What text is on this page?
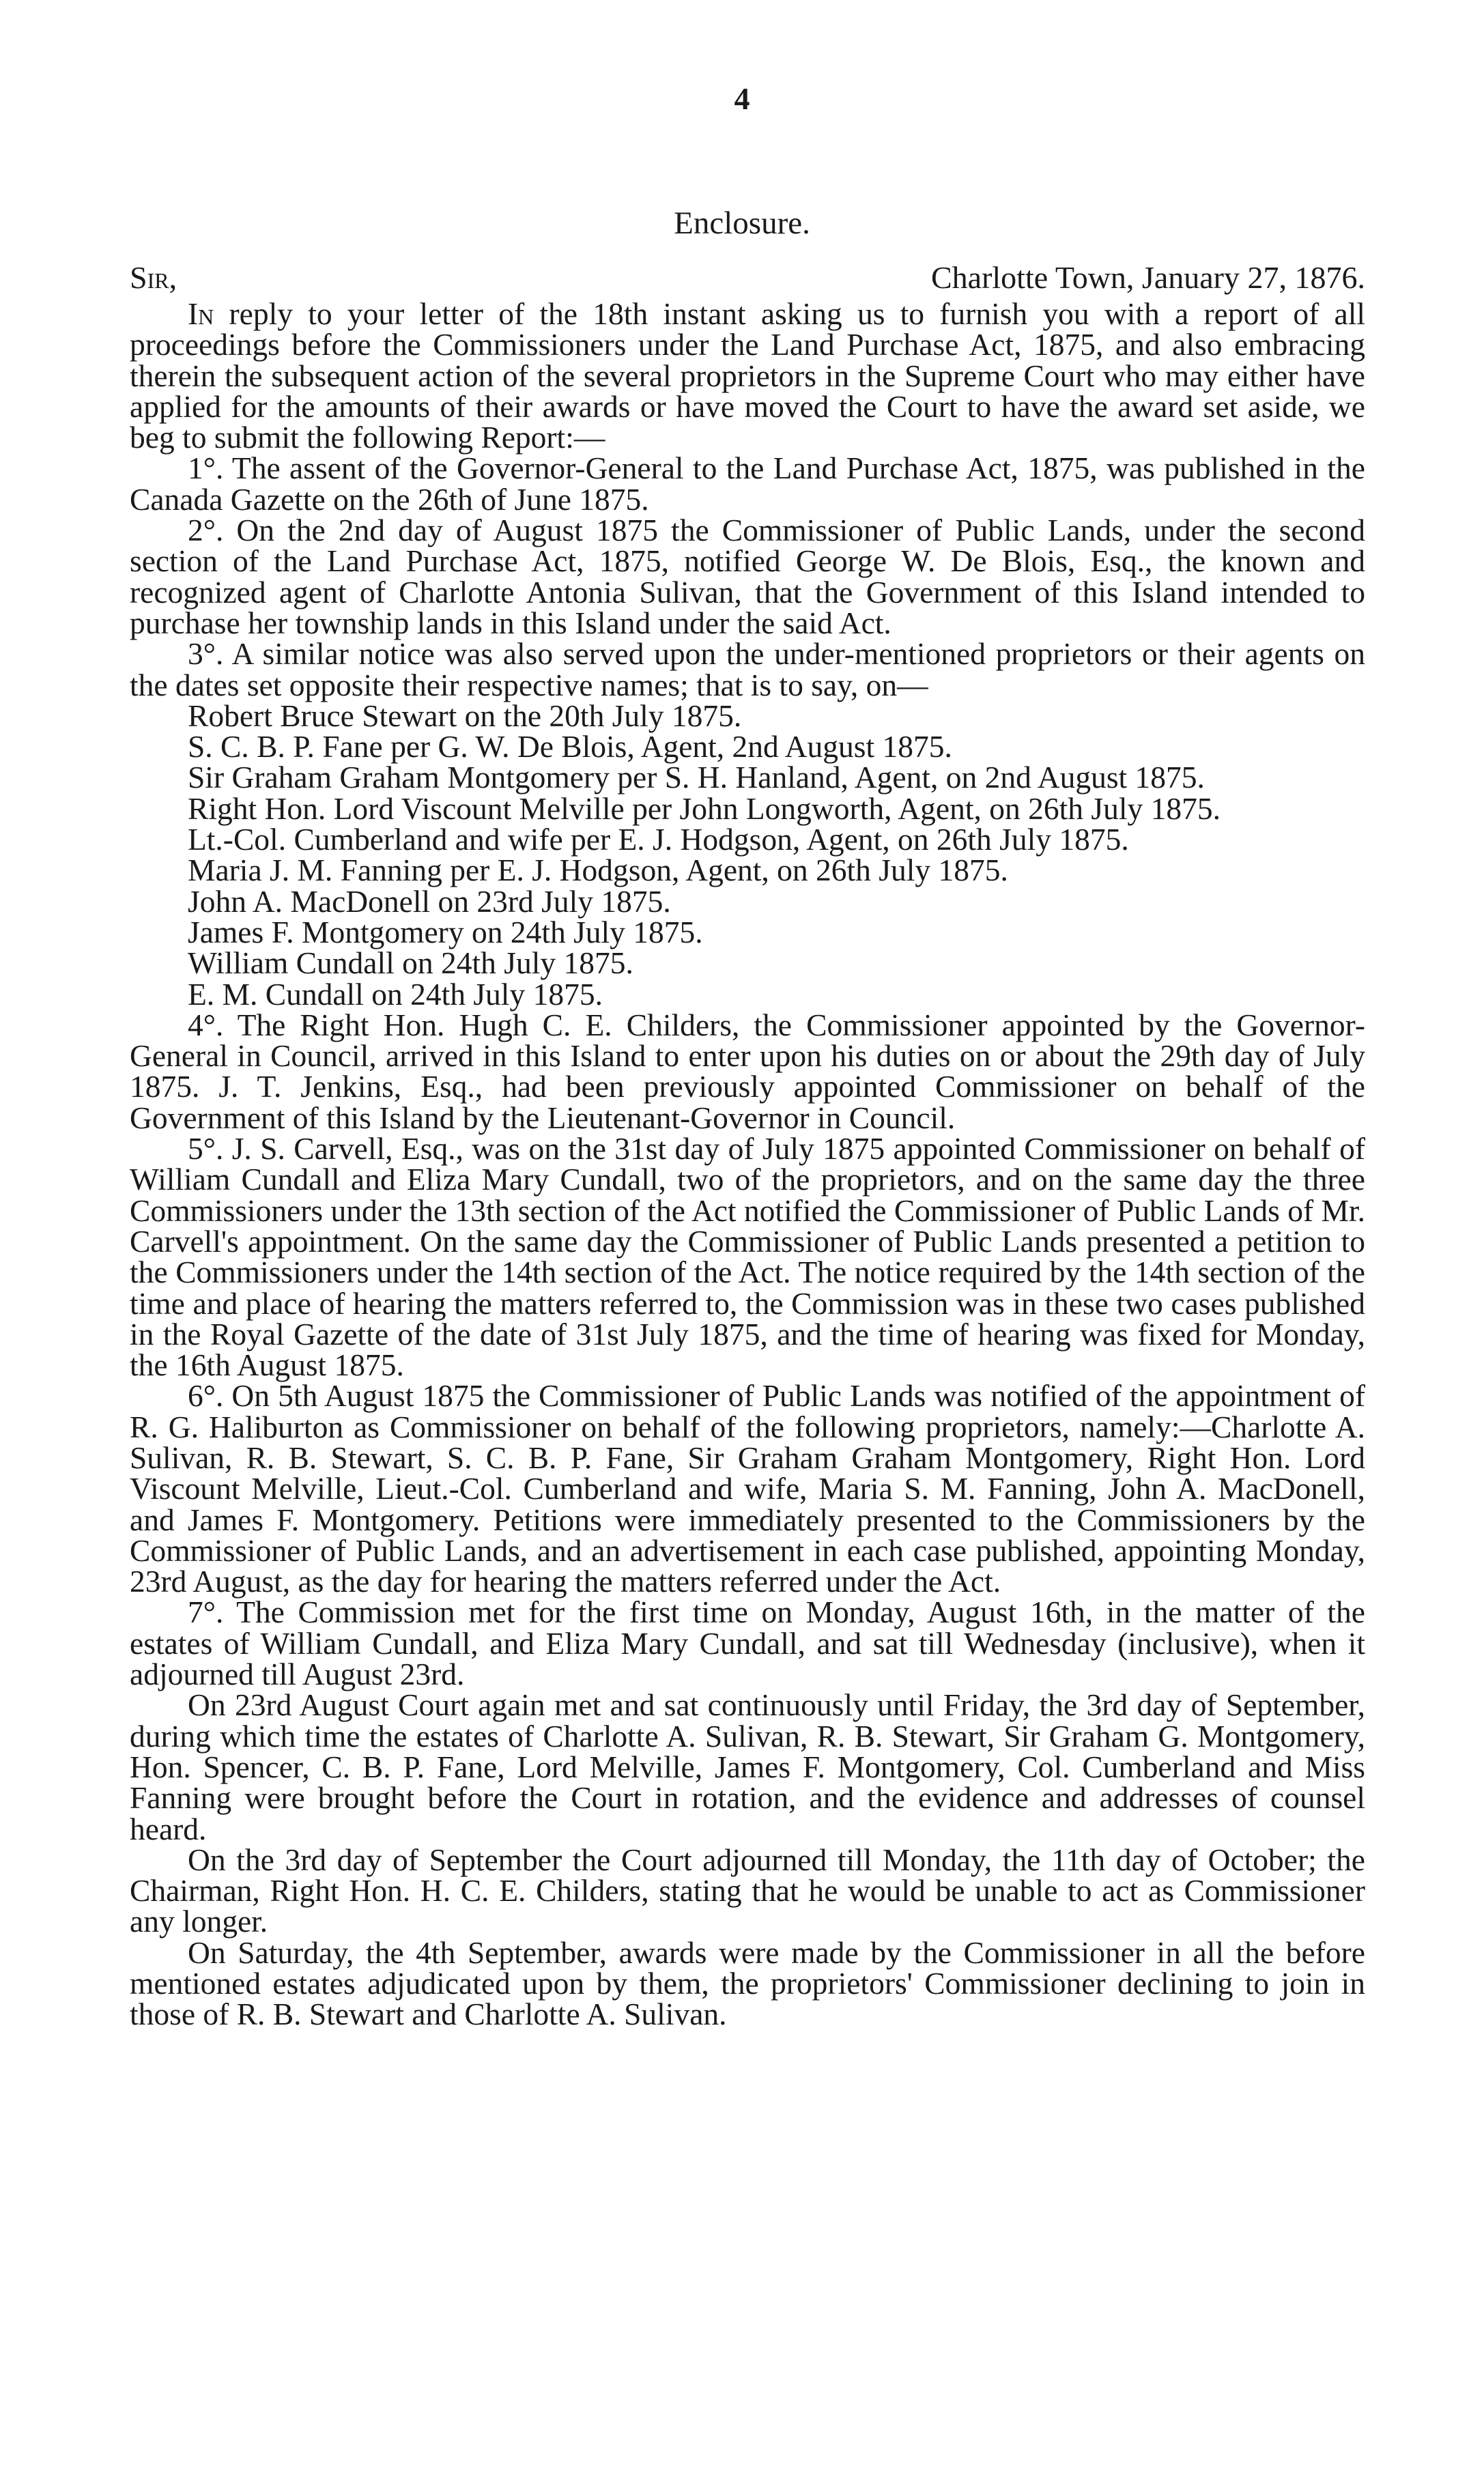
4
Enclosure.
Sir,	Charlotte Town, January 27, 1876.

In reply to your letter of the 18th instant asking us to furnish you with a report of all proceedings before the Commissioners under the Land Purchase Act, 1875, and also embracing therein the subsequent action of the several proprietors in the Supreme Court who may either have applied for the amounts of their awards or have moved the Court to have the award set aside, we beg to submit the following Report:—

1°. The assent of the Governor-General to the Land Purchase Act, 1875, was published in the Canada Gazette on the 26th of June 1875.

2°. On the 2nd day of August 1875 the Commissioner of Public Lands, under the second section of the Land Purchase Act, 1875, notified George W. De Blois, Esq., the known and recognized agent of Charlotte Antonia Sulivan, that the Government of this Island intended to purchase her township lands in this Island under the said Act.

3°. A similar notice was also served upon the under-mentioned proprietors or their agents on the dates set opposite their respective names; that is to say, on—

Robert Bruce Stewart on the 20th July 1875.
S. C. B. P. Fane per G. W. De Blois, Agent, 2nd August 1875.
Sir Graham Graham Montgomery per S. H. Hanland, Agent, on 2nd August 1875.
Right Hon. Lord Viscount Melville per John Longworth, Agent, on 26th July 1875.
Lt.-Col. Cumberland and wife per E. J. Hodgson, Agent, on 26th July 1875.
Maria J. M. Fanning per E. J. Hodgson, Agent, on 26th July 1875.
John A. MacDonell on 23rd July 1875.
James F. Montgomery on 24th July 1875.
William Cundall on 24th July 1875.
E. M. Cundall on 24th July 1875.

4°. The Right Hon. Hugh C. E. Childers, the Commissioner appointed by the Governor-General in Council, arrived in this Island to enter upon his duties on or about the 29th day of July 1875. J. T. Jenkins, Esq., had been previously appointed Commissioner on behalf of the Government of this Island by the Lieutenant-Governor in Council.

5°. J. S. Carvell, Esq., was on the 31st day of July 1875 appointed Commissioner on behalf of William Cundall and Eliza Mary Cundall, two of the proprietors, and on the same day the three Commissioners under the 13th section of the Act notified the Commissioner of Public Lands of Mr. Carvell's appointment. On the same day the Commissioner of Public Lands presented a petition to the Commissioners under the 14th section of the Act. The notice required by the 14th section of the time and place of hearing the matters referred to, the Commission was in these two cases published in the Royal Gazette of the date of 31st July 1875, and the time of hearing was fixed for Monday, the 16th August 1875.

6°. On 5th August 1875 the Commissioner of Public Lands was notified of the appointment of R. G. Haliburton as Commissioner on behalf of the following proprietors, namely:—Charlotte A. Sulivan, R. B. Stewart, S. C. B. P. Fane, Sir Graham Graham Montgomery, Right Hon. Lord Viscount Melville, Lieut.-Col. Cumberland and wife, Maria S. M. Fanning, John A. MacDonell, and James F. Montgomery. Petitions were immediately presented to the Commissioners by the Commissioner of Public Lands, and an advertisement in each case published, appointing Monday, 23rd August, as the day for hearing the matters referred under the Act.

7°. The Commission met for the first time on Monday, August 16th, in the matter of the estates of William Cundall, and Eliza Mary Cundall, and sat till Wednesday (inclusive), when it adjourned till August 23rd.

On 23rd August Court again met and sat continuously until Friday, the 3rd day of September, during which time the estates of Charlotte A. Sulivan, R. B. Stewart, Sir Graham G. Montgomery, Hon. Spencer, C. B. P. Fane, Lord Melville, James F. Montgomery, Col. Cumberland and Miss Fanning were brought before the Court in rotation, and the evidence and addresses of counsel heard.

On the 3rd day of September the Court adjourned till Monday, the 11th day of October; the Chairman, Right Hon. H. C. E. Childers, stating that he would be unable to act as Commissioner any longer.

On Saturday, the 4th September, awards were made by the Commissioner in all the before mentioned estates adjudicated upon by them, the proprietors' Commissioner declining to join in those of R. B. Stewart and Charlotte A. Sulivan.
